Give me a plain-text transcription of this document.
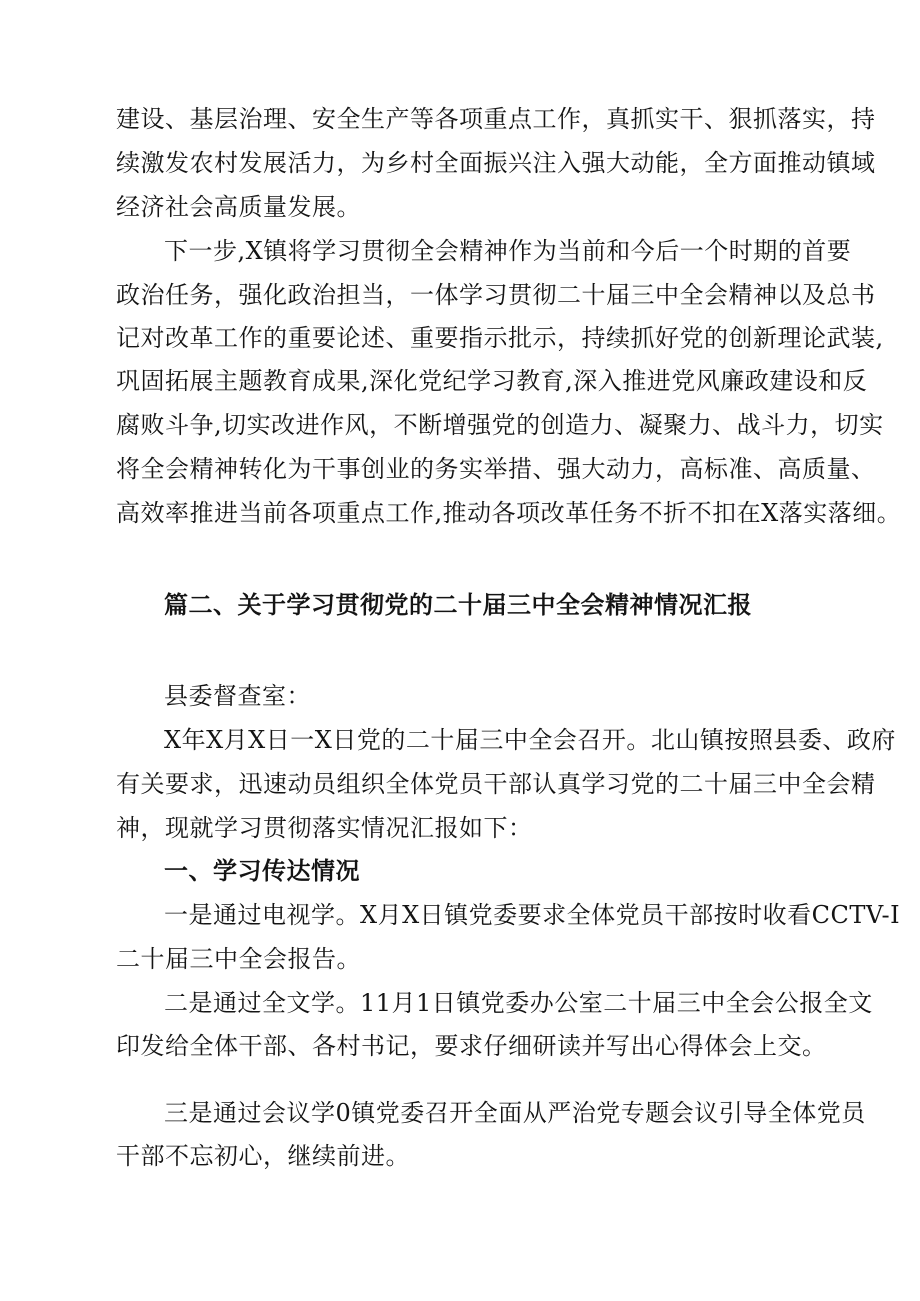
建设、基层治理、安全生产等各项重点工作，真抓实干、狠抓落实，持
续激发农村发展活力，为乡村全面振兴注入强大动能，全方面推动镇域
经济社会高质量发展。
下一步,X镇将学习贯彻全会精神作为当前和今后一个时期的首要
政治任务，强化政治担当，一体学习贯彻二十届三中全会精神以及总书
记对改革工作的重要论述、重要指示批示，持续抓好党的创新理论武装,
巩固拓展主题教育成果,深化党纪学习教育,深入推进党风廉政建设和反
腐败斗争,切实改进作风，不断增强党的创造力、凝聚力、战斗力，切实
将全会精神转化为干事创业的务实举措、强大动力，高标准、高质量、
高效率推进当前各项重点工作,推动各项改革任务不折不扣在X落实落细。
篇二、关于学习贯彻党的二十届三中全会精神情况汇报
县委督查室：
X年X月X日一X日党的二十届三中全会召开。北山镇按照县委、政府
有关要求，迅速动员组织全体党员干部认真学习党的二十届三中全会精
神，现就学习贯彻落实情况汇报如下：
一、学习传达情况
一是通过电视学。X月X日镇党委要求全体党员干部按时收看CCTV-I
二十届三中全会报告。
二是通过全文学。11月1日镇党委办公室二十届三中全会公报全文
印发给全体干部、各村书记，要求仔细研读并写出心得体会上交。
三是通过会议学0镇党委召开全面从严治党专题会议引导全体党员
干部不忘初心，继续前进。
